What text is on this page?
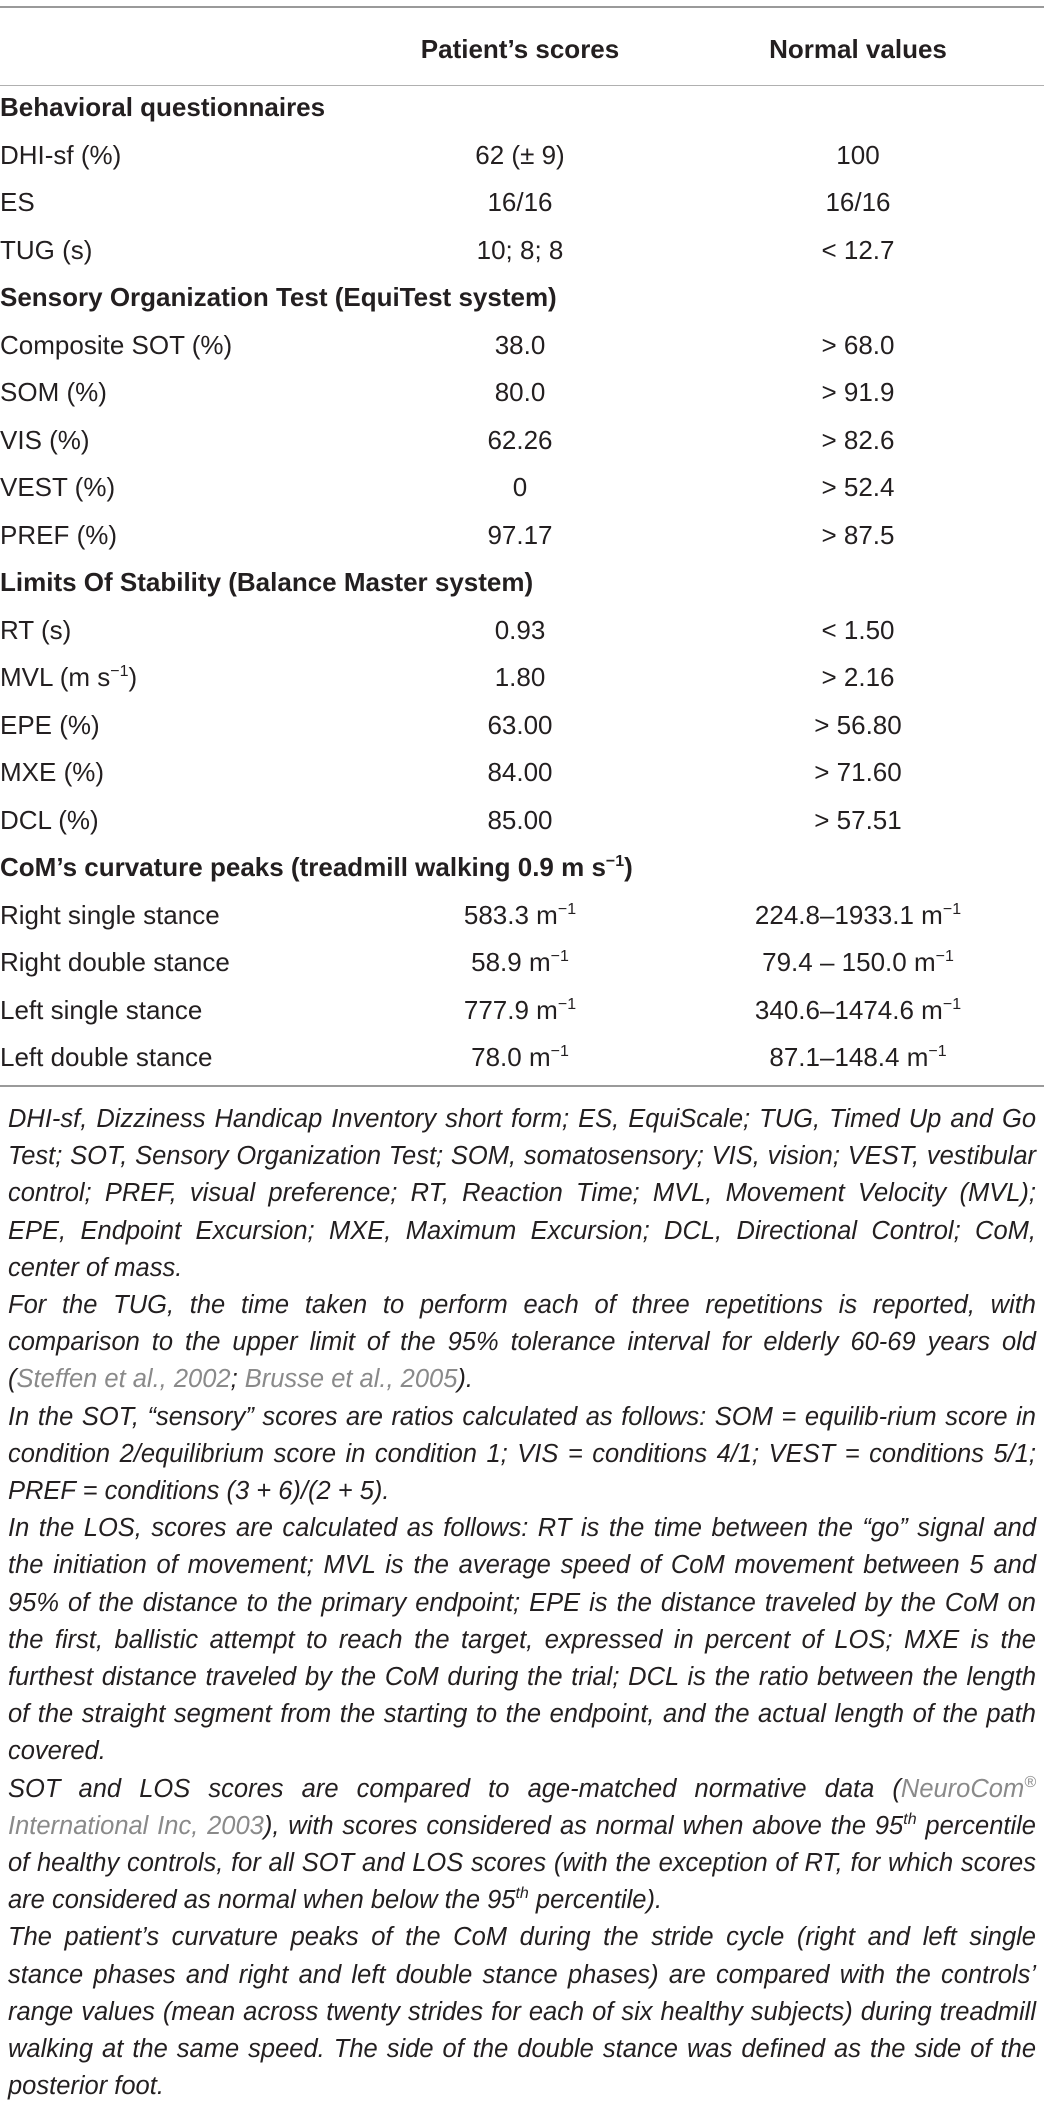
	Patient’s scores	Normal values
Behavioral questionnaires		
DHI-sf (%)	62 (± 9)	100
ES	16/16	16/16
TUG (s)	10; 8; 8	< 12.7
Sensory Organization Test (EquiTest system)		
Composite SOT (%)	38.0	> 68.0
SOM (%)	80.0	> 91.9
VIS (%)	62.26	> 82.6
VEST (%)	0	> 52.4
PREF (%)	97.17	> 87.5
Limits Of Stability (Balance Master system)		
RT (s)	0.93	< 1.50
MVL (m $s^{-1}$)	1.80	> 2.16
EPE (%)	63.00	> 56.80
MXE (%)	84.00	> 71.60
DCL (%)	85.00	> 57.51
CoM’s curvature peaks (treadmill walking 0.9 m $s^{-1}$)		
Right single stance	583.3 $m^{-1}$	224.8–1933.1 $m^{-1}$
Right double stance	58.9 $m^{-1}$	79.4 – 150.0 $m^{-1}$
Left single stance	777.9 $m^{-1}$	340.6–1474.6 $m^{-1}$
Left double stance	78.0 $m^{-1}$	87.1–148.4 $m^{-1}$

DHI-sf, Dizziness Handicap Inventory short form; ES, EquiScale; TUG, Timed Up and Go Test; SOT, Sensory Organization Test; SOM, somatosensory; VIS, vision; VEST, vestibular control; PREF, visual preference; RT, Reaction Time; MVL, Movement Velocity (MVL); EPE, Endpoint Excursion; MXE, Maximum Excursion; DCL, Directional Control; CoM, center of mass.

For the TUG, the time taken to perform each of three repetitions is reported, with comparison to the upper limit of the 95% tolerance interval for elderly 60-69 years old (Steffen et al., 2002; Brusse et al., 2005).

In the SOT, “sensory” scores are ratios calculated as follows: SOM = equilib-rium score in condition 2/equilibrium score in condition 1; VIS = conditions 4/1; VEST = conditions 5/1; PREF = conditions (3 + 6)/(2 + 5).

In the LOS, scores are calculated as follows: RT is the time between the “go” signal and the initiation of movement; MVL is the average speed of CoM movement between 5 and 95% of the distance to the primary endpoint; EPE is the distance traveled by the CoM on the first, ballistic attempt to reach the target, expressed in percent of LOS; MXE is the furthest distance traveled by the CoM during the trial; DCL is the ratio between the length of the straight segment from the starting to the endpoint, and the actual length of the path covered.

SOT and LOS scores are compared to age-matched normative data (NeuroCom® International Inc, 2003), with scores considered as normal when above the 95th percentile of healthy controls, for all SOT and LOS scores (with the exception of RT, for which scores are considered as normal when below the 95th percentile).

The patient’s curvature peaks of the CoM during the stride cycle (right and left single stance phases and right and left double stance phases) are compared with the controls’ range values (mean across twenty strides for each of six healthy subjects) during treadmill walking at the same speed. The side of the double stance was defined as the side of the posterior foot.
